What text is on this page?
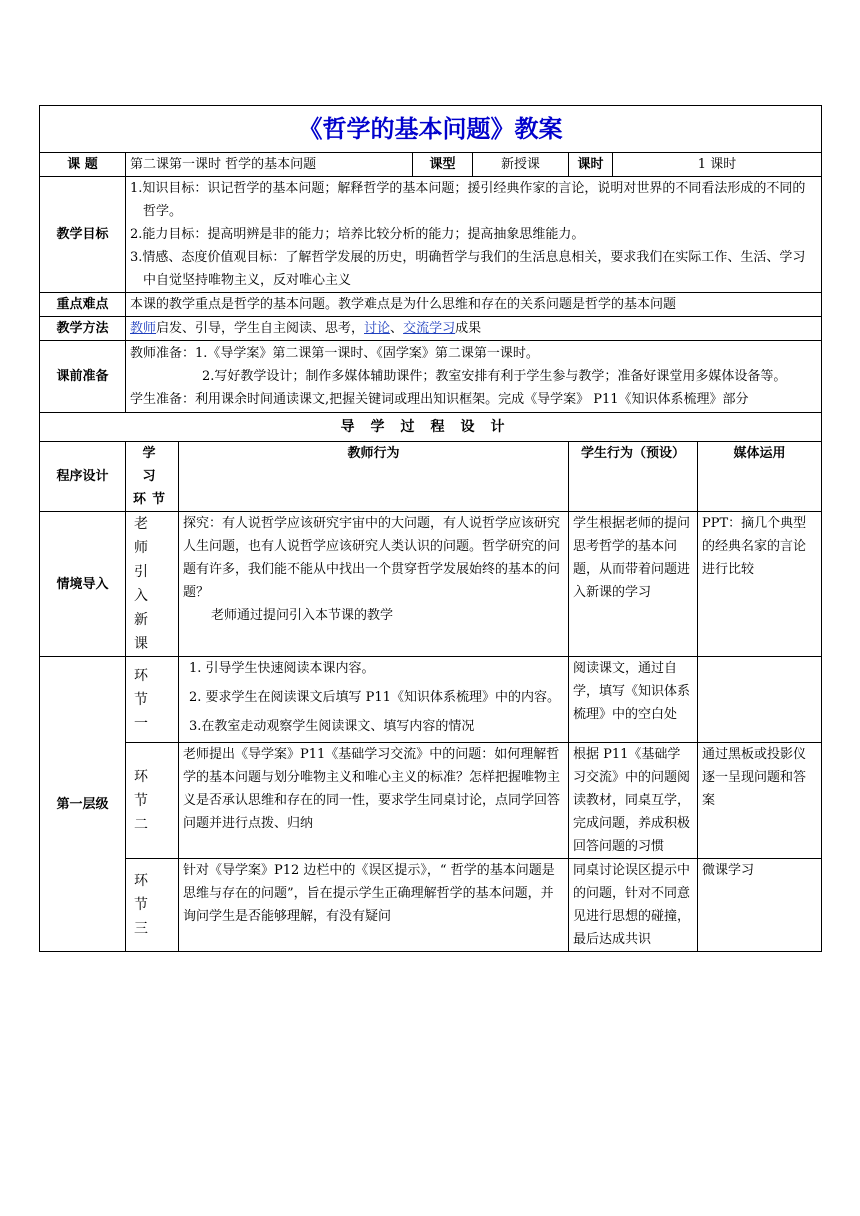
《哲学的基本问题》教案							
课 题	第二课第一课时 哲学的基本问题		课型	新授课	课时	1 课时	
教学目标	1.知识目标：识记哲学的基本问题；解释哲学的基本问题；援引经典作家的言论，说明对世界的不同看法形成的不同的哲学。

2.能力目标：提高明辨是非的能力；培养比较分析的能力；提高抽象思维能力。

3.情感、态度价值观目标：了解哲学发展的历史，明确哲学与我们的生活息息相关，要求我们在实际工作、生活、学习中自觉坚持唯物主义，反对唯心主义						

重点难点	本课的教学重点是哲学的基本问题。教学难点是为什么思维和存在的关系问题是哲学的基本问题						
教学方法	教师启发、引导，学生自主阅读、思考，讨论、交流学习成果						
课前准备	教师准备：1.《导学案》第二课第一课时、《固学案》第二课第一课时。

2.写好教学设计；制作多媒体辅助课件；教室安排有利于学生参与教学；准备好课堂用多媒体设备等。

学生准备：利用课余时间通读课文,把握关键词或理出知识框架。完成《导学案》 P11《知识体系梳理》部分						

导学过程设计							
程序设计	学 习 环节	教师行为			学生行为（预设）		媒体运用
情境导入	老 师 引 入 新课	探究：有人说哲学应该研究宇宙中的大问题，有人说哲学应该研究人生问题，也有人说哲学应该研究人类认识的问题。哲学研究的问题有许多，我们能不能从中找出一个贯穿哲学发展始终的基本的问题？

老师通过提问引入本节课的教学			学生根据老师的提问思考哲学的基本问题，从而带着问题进入新课的学习		PPT：摘几个典型的经典名家的言论进行比较
第一层级	环 节 一	1. 引导学生快速阅读本课内容。

2. 要求学生在阅读课文后填写 P11《知识体系梳理》中的内容。

3.在教室走动观察学生阅读课文、填写内容的情况			阅读课文，通过自学，填写《知识体系梳理》中的空白处		
	环 节 二	老师提出《导学案》P11《基础学习交流》中的问题：如何理解哲学的基本问题与划分唯物主义和唯心主义的标准？怎样把握唯物主义是否承认思维和存在的同一性，要求学生同桌讨论，点同学回答问题并进行点拨、归纳			根据 P11《基础学习交流》中的问题阅读教材，同桌互学，完成问题，养成积极回答问题的习惯		通过黑板或投影仪逐一呈现问题和答案
	环 节 三	针对《导学案》P12 边栏中的《误区提示》，“ 哲学的基本问题是思维与存在的问题”，旨在提示学生正确理解哲学的基本问题，并询问学生是否能够理解，有没有疑问			同桌讨论误区提示中的问题，针对不同意见进行思想的碰撞，最后达成共识		微课学习
